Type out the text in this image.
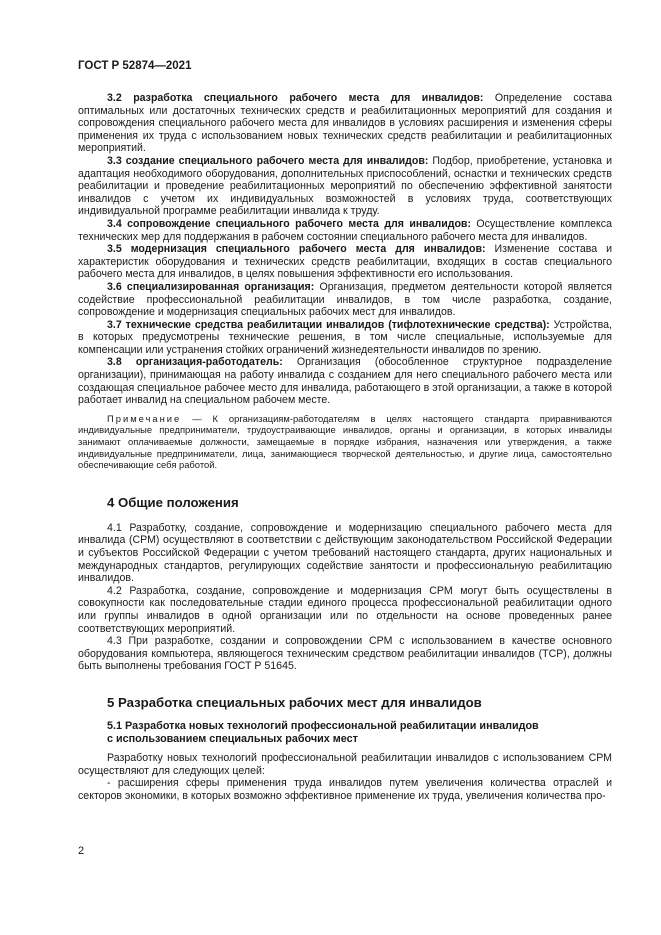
ГОСТ Р 52874—2021

3.2 разработка специального рабочего места для инвалидов: Определение состава оптимальных или достаточных технических средств и реабилитационных мероприятий для создания и сопровождения специального рабочего места для инвалидов в условиях расширения и изменения сферы применения их труда с использованием новых технических средств реабилитации и реабилитационных мероприятий.

3.3 создание специального рабочего места для инвалидов: Подбор, приобретение, установка и адаптация необходимого оборудования, дополнительных приспособлений, оснастки и технических средств реабилитации и проведение реабилитационных мероприятий по обеспечению эффективной занятости инвалидов с учетом их индивидуальных возможностей в условиях труда, соответствующих индивидуальной программе реабилитации инвалида к труду.

3.4 сопровождение специального рабочего места для инвалидов: Осуществление комплекса технических мер для поддержания в рабочем состоянии специального рабочего места для инвалидов.

3.5 модернизация специального рабочего места для инвалидов: Изменение состава и характеристик оборудования и технических средств реабилитации, входящих в состав специального рабочего места для инвалидов, в целях повышения эффективности его использования.

3.6 специализированная организация: Организация, предметом деятельности которой является содействие профессиональной реабилитации инвалидов, в том числе разработка, создание, сопровождение и модернизация специальных рабочих мест для инвалидов.

3.7 технические средства реабилитации инвалидов (тифлотехнические средства): Устройства, в которых предусмотрены технические решения, в том числе специальные, используемые для компенсации или устранения стойких ограничений жизнедеятельности инвалидов по зрению.

3.8 организация-работодатель: Организация (обособленное структурное подразделение организации), принимающая на работу инвалида с созданием для него специального рабочего места или создающая специальное рабочее место для инвалида, работающего в этой организации, а также в которой работает инвалид на специальном рабочем месте.

Примечание — К организациям-работодателям в целях настоящего стандарта приравниваются индивидуальные предприниматели, трудоустраивающие инвалидов, органы и организации, в которых инвалиды занимают оплачиваемые должности, замещаемые в порядке избрания, назначения или утверждения, а также индивидуальные предприниматели, лица, занимающиеся творческой деятельностью, и другие лица, самостоятельно обеспечивающие себя работой.

4 Общие положения

4.1 Разработку, создание, сопровождение и модернизацию специального рабочего места для инвалида (СРМ) осуществляют в соответствии с действующим законодательством Российской Федерации и субъектов Российской Федерации с учетом требований настоящего стандарта, других национальных и международных стандартов, регулирующих содействие занятости и профессиональную реабилитацию инвалидов.

4.2 Разработка, создание, сопровождение и модернизация СРМ могут быть осуществлены в совокупности как последовательные стадии единого процесса профессиональной реабилитации одного или группы инвалидов в одной организации или по отдельности на основе проведенных ранее соответствующих мероприятий.

4.3 При разработке, создании и сопровождении СРМ с использованием в качестве основного оборудования компьютера, являющегося техническим средством реабилитации инвалидов (ТСР), должны быть выполнены требования ГОСТ Р 51645.

5 Разработка специальных рабочих мест для инвалидов
5.1 Разработка новых технологий профессиональной реабилитации инвалидов
с использованием специальных рабочих мест

Разработку новых технологий профессиональной реабилитации инвалидов с использованием СРМ осуществляют для следующих целей:

- расширения сферы применения труда инвалидов путем увеличения количества отраслей и секторов экономики, в которых возможно эффективное применение их труда, увеличения количества про-

2
